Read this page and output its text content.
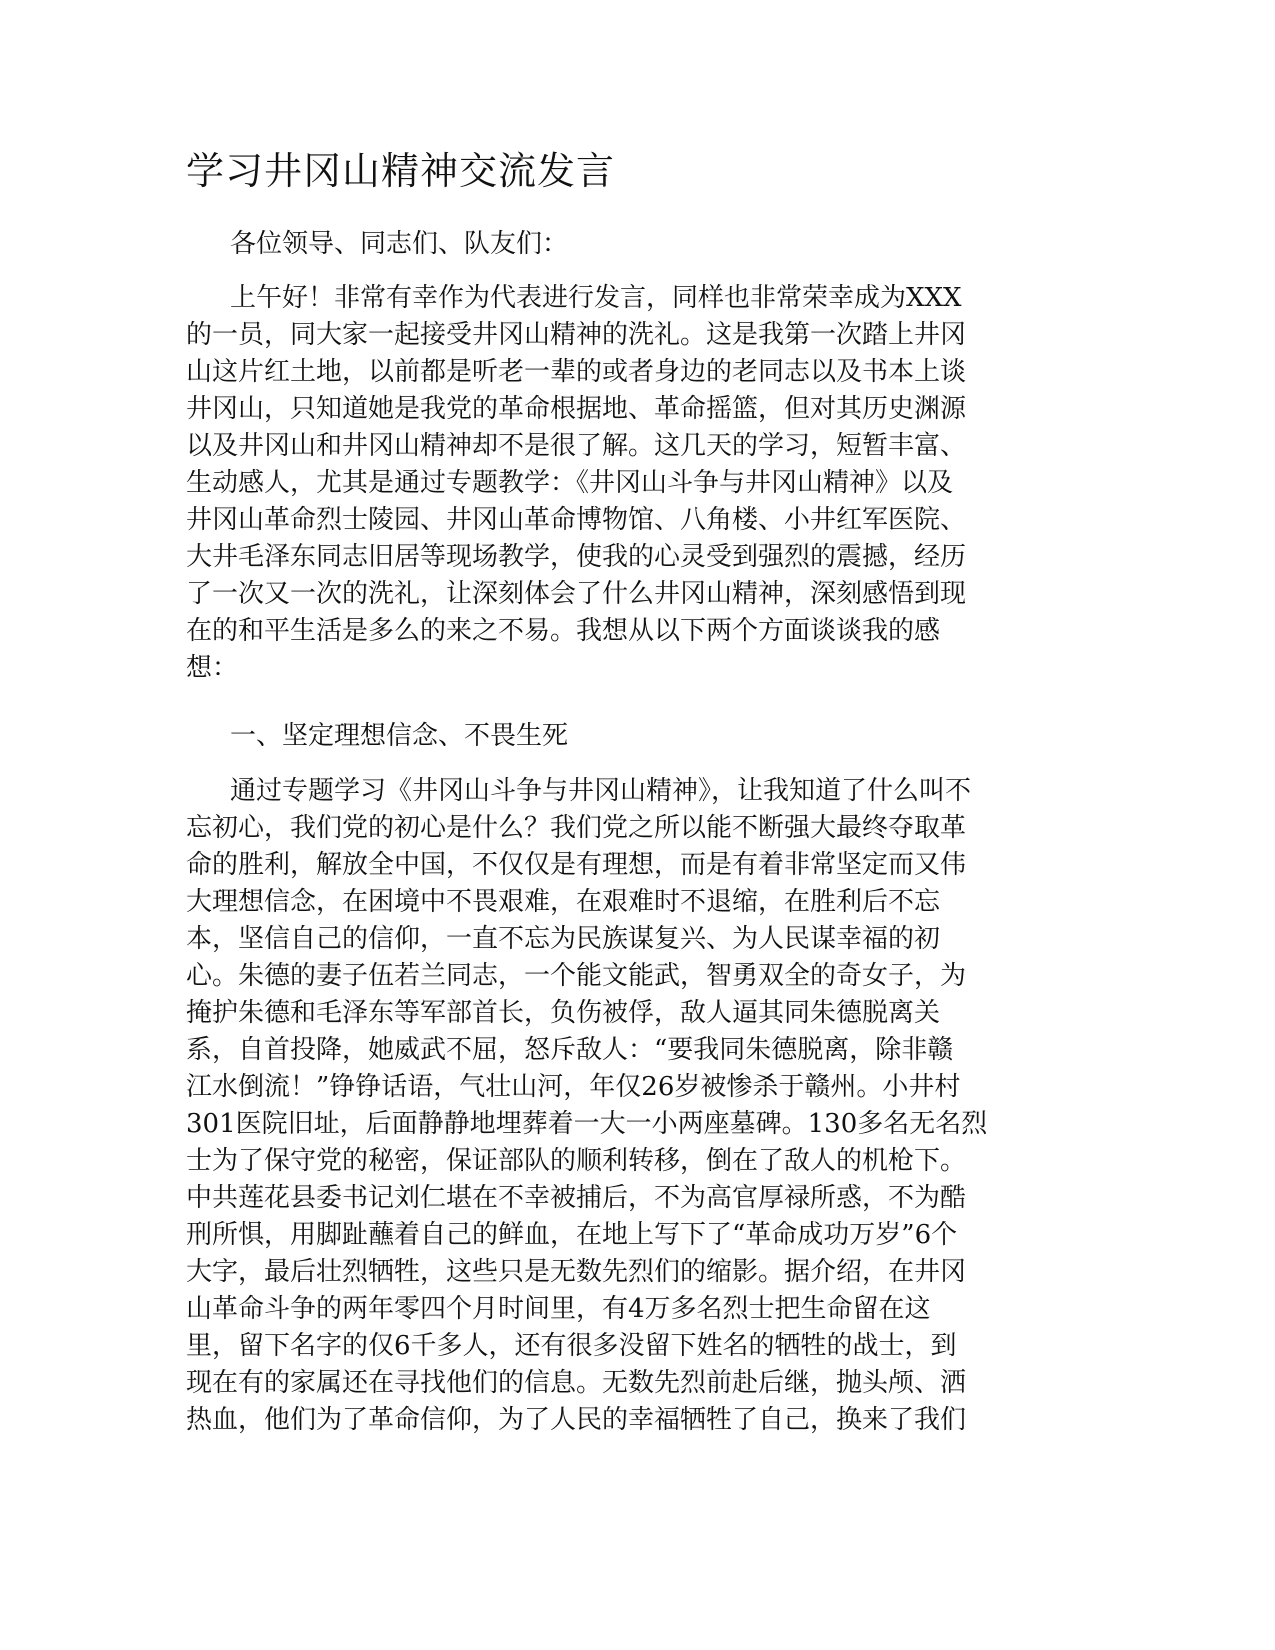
学习井冈山精神交流发言

各位领导、同志们、队友们：

上午好！非常有幸作为代表进行发言，同样也非常荣幸成为XXX
的一员，同大家一起接受井冈山精神的洗礼。这是我第一次踏上井冈
山这片红土地，以前都是听老一辈的或者身边的老同志以及书本上谈
井冈山，只知道她是我党的革命根据地、革命摇篮，但对其历史渊源
以及井冈山和井冈山精神却不是很了解。这几天的学习，短暂丰富、
生动感人，尤其是通过专题教学：《井冈山斗争与井冈山精神》以及
井冈山革命烈士陵园、井冈山革命博物馆、八角楼、小井红军医院、
大井毛泽东同志旧居等现场教学，使我的心灵受到强烈的震撼，经历
了一次又一次的洗礼，让深刻体会了什么井冈山精神，深刻感悟到现
在的和平生活是多么的来之不易。我想从以下两个方面谈谈我的感
想：

一、坚定理想信念、不畏生死

通过专题学习《井冈山斗争与井冈山精神》，让我知道了什么叫不
忘初心，我们党的初心是什么？我们党之所以能不断强大最终夺取革
命的胜利，解放全中国，不仅仅是有理想，而是有着非常坚定而又伟
大理想信念，在困境中不畏艰难，在艰难时不退缩，在胜利后不忘
本，坚信自己的信仰，一直不忘为民族谋复兴、为人民谋幸福的初
心。朱德的妻子伍若兰同志，一个能文能武，智勇双全的奇女子，为
掩护朱德和毛泽东等军部首长，负伤被俘，敌人逼其同朱德脱离关
系，自首投降，她威武不屈，怒斥敌人：“要我同朱德脱离，除非赣
江水倒流！”铮铮话语，气壮山河，年仅26岁被惨杀于赣州。小井村
301医院旧址，后面静静地埋葬着一大一小两座墓碑。130多名无名烈
士为了保守党的秘密，保证部队的顺利转移，倒在了敌人的机枪下。
中共莲花县委书记刘仁堪在不幸被捕后，不为高官厚禄所惑，不为酷
刑所惧，用脚趾蘸着自己的鲜血，在地上写下了“革命成功万岁”6个
大字，最后壮烈牺牲，这些只是无数先烈们的缩影。据介绍，在井冈
山革命斗争的两年零四个月时间里，有4万多名烈士把生命留在这
里，留下名字的仅6千多人，还有很多没留下姓名的牺牲的战士，到
现在有的家属还在寻找他们的信息。无数先烈前赴后继，抛头颅、洒
热血，他们为了革命信仰，为了人民的幸福牺牲了自己，换来了我们
